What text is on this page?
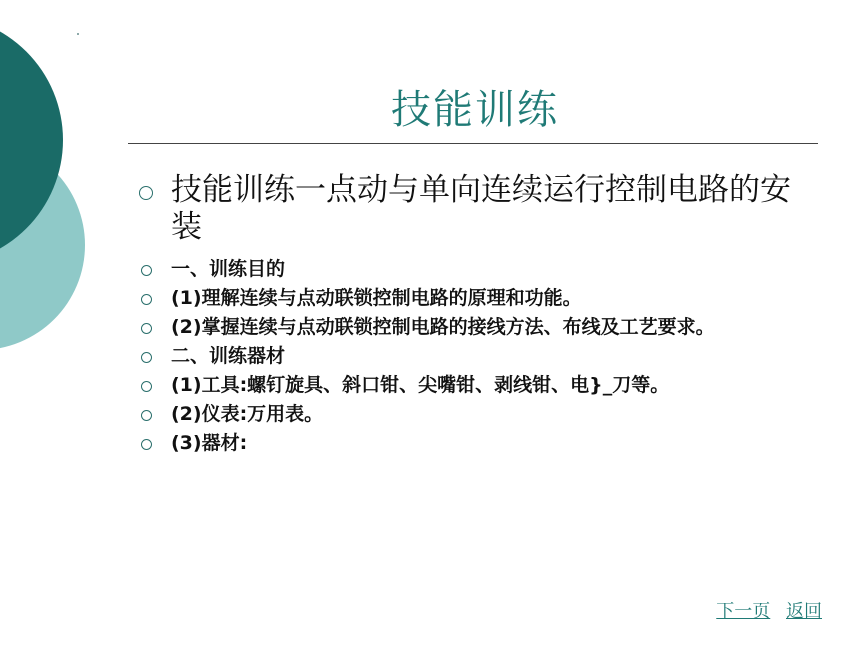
技能训练
技能训练一点动与单向连续运行控制电路的安装
一、训练目的
(1)理解连续与点动联锁控制电路的原理和功能。
(2)掌握连续与点动联锁控制电路的接线方法、布线及工艺要求。
二、训练器材
(1)工具:螺钉旋具、斜口钳、尖嘴钳、剥线钳、电}_刀等。
(2)仪表:万用表。
(3)器材:
下一页 返回
